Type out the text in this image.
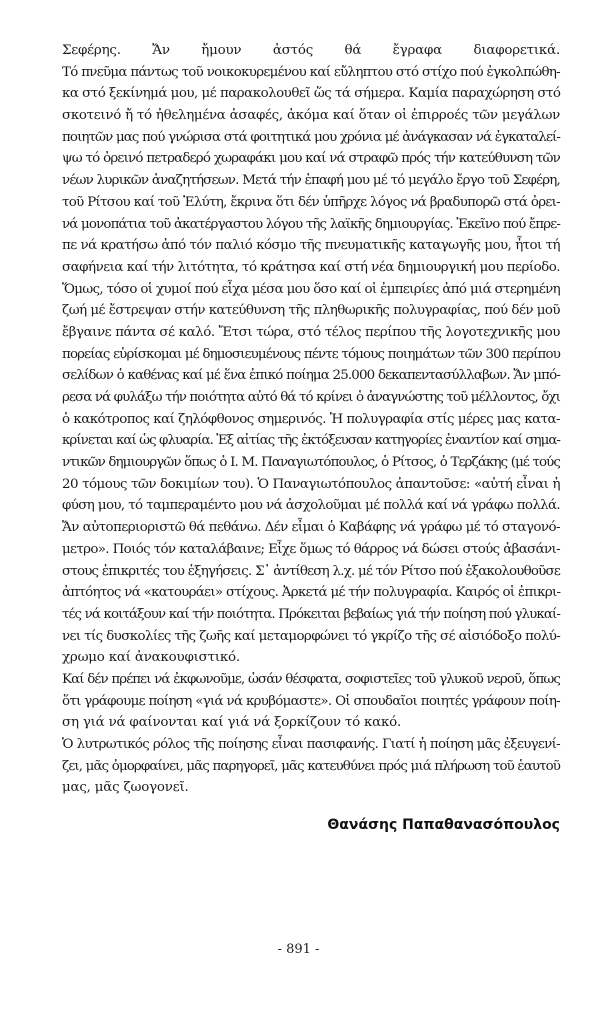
Σεφέρης. Ἄν ἤμουν ἀστός θά ἔγραφα διαφορετικά.
Τό πνεῦμα πάντως τοῦ νοικοκυρεμένου καί εὔληπτου στό στίχο πού ἐγκολπώθη-
κα στό ξεκίνημά μου, μέ παρακολουθεῖ ὥς τά σήμερα. Καμία παραχώρηση στό
σκοτεινό ἤ τό ἠθελημένα ἀσαφές, ἀκόμα καί ὅταν οἱ ἐπιρροές τῶν μεγάλων
ποιητῶν μας πού γνώρισα στά φοιτητικά μου χρόνια μέ ἀνάγκασαν νά ἐγκαταλεί-
ψω τό ὀρεινό πετραδερό χωραφάκι μου καί νά στραφῶ πρός τήν κατεύθυνση τῶν
νέων λυρικῶν ἀναζητήσεων. Μετά τήν ἐπαφή μου μέ τό μεγάλο ἔργο τοῦ Σεφέρη,
τοῦ Ρίτσου καί τοῦ Ἐλύτη, ἔκρινα ὅτι δέν ὑπῆρχε λόγος νά βραδυπορῶ στά ὀρει-
νά μονοπάτια τοῦ ἀκατέργαστου λόγου τῆς λαϊκῆς δημιουργίας. Ἐκεῖνο πού ἔπρε-
πε νά κρατήσω ἀπό τόν παλιό κόσμο τῆς πνευματικῆς καταγωγῆς μου, ἦτοι τή
σαφήνεια καί τήν λιτότητα, τό κράτησα καί στή νέα δημιουργική μου περίοδο.
Ὅμως, τόσο οἱ χυμοί πού εἶχα μέσα μου ὅσο καί οἱ ἐμπειρίες ἀπό μιά στερημένη
ζωή μέ ἔστρεψαν στήν κατεύθυνση τῆς πληθωρικῆς πολυγραφίας, πού δέν μοῦ
ἔβγαινε πάντα σέ καλό. Ἔτσι τώρα, στό τέλος περίπου τῆς λογοτεχνικῆς μου
πορείας εὑρίσκομαι μέ δημοσιευμένους πέντε τόμους ποιημάτων τῶν 300 περίπου
σελίδων ὁ καθένας καί μέ ἕνα ἐπικό ποίημα 25.000 δεκαπεντασύλλαβων. Ἄν μπό-
ρεσα νά φυλάξω τήν ποιότητα αὐτό θά τό κρίνει ὁ ἀναγνώστης τοῦ μέλλοντος, ὄχι
ὁ κακότροπος καί ζηλόφθονος σημερινός. Ἡ πολυγραφία στίς μέρες μας κατα-
κρίνεται καί ὡς φλυαρία. Ἐξ αἰτίας τῆς ἐκτόξευσαν κατηγορίες ἐναντίον καί σημα-
ντικῶν δημιουργῶν ὅπως ὁ Ι. Μ. Παναγιωτόπουλος, ὁ Ρίτσος, ὁ Τερζάκης (μέ τούς
20 τόμους τῶν δοκιμίων του). Ὁ Παναγιωτόπουλος ἀπαντοῦσε: «αὐτή εἶναι ἡ
φύση μου, τό ταμπεραμέντο μου νά ἀσχολοῦμαι μέ πολλά καί νά γράφω πολλά.
Ἄν αὐτοπεριοριστῶ θά πεθάνω. Δέν εἶμαι ὁ Καβάφης νά γράφω μέ τό σταγονό-
μετρο». Ποιός τόν καταλάβαινε; Εἶχε ὅμως τό θάρρος νά δώσει στούς ἀβασάνι-
στους ἐπικριτές του ἐξηγήσεις. Σ᾽ ἀντίθεση λ.χ. μέ τόν Ρίτσο πού ἐξακολουθοῦσε
ἀπτόητος νά «κατουράει» στίχους. Ἀρκετά μέ τήν πολυγραφία. Καιρός οἱ ἐπικρι-
τές νά κοιτάξουν καί τήν ποιότητα. Πρόκειται βεβαίως γιά τήν ποίηση πού γλυκαί-
νει τίς δυσκολίες τῆς ζωῆς καί μεταμορφώνει τό γκρίζο τῆς σέ αἰσιόδοξο πολύ-
χρωμο καί ἀνακουφιστικό.
Καί δέν πρέπει νά ἐκφωνοῦμε, ὡσάν θέσφατα, σοφιστεῖες τοῦ γλυκοῦ νεροῦ, ὅπως
ὅτι γράφουμε ποίηση «γιά νά κρυβόμαστε». Οἱ σπουδαῖοι ποιητές γράφουν ποίη-
ση γιά νά φαίνονται καί γιά νά ξορκίζουν τό κακό.
Ὁ λυτρωτικός ρόλος τῆς ποίησης εἶναι πασιφανής. Γιατί ἡ ποίηση μᾶς ἐξευγενί-
ζει, μᾶς ὀμορφαίνει, μᾶς παρηγορεῖ, μᾶς κατευθύνει πρός μιά πλήρωση τοῦ ἑαυτοῦ
μας, μᾶς ζωογονεῖ.
Θανάσης Παπαθανασόπουλος
- 891 -
